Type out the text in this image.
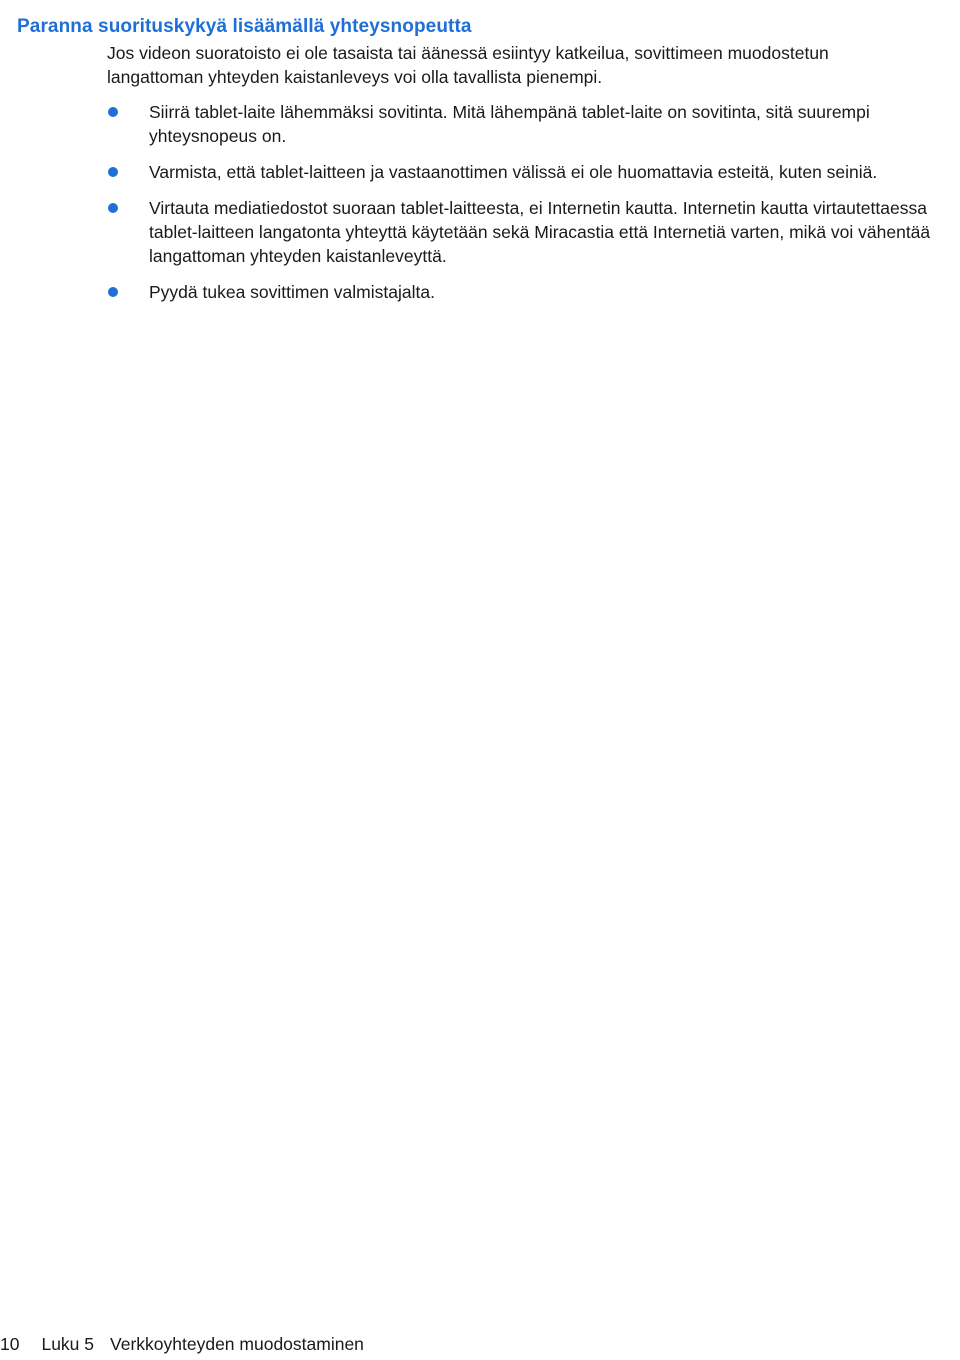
Paranna suorituskykyä lisäämällä yhteysnopeutta

Jos videon suoratoisto ei ole tasaista tai äänessä esiintyy katkeilua, sovittimeen muodostetun langattoman yhteyden kaistanleveys voi olla tavallista pienempi.

Siirrä tablet-laite lähemmäksi sovitinta. Mitä lähempänä tablet-laite on sovitinta, sitä suurempi yhteysnopeus on.
Varmista, että tablet-laitteen ja vastaanottimen välissä ei ole huomattavia esteitä, kuten seiniä.
Virtauta mediatiedostot suoraan tablet-laitteesta, ei Internetin kautta. Internetin kautta virtautettaessa tablet-laitteen langatonta yhteyttä käytetään sekä Miracastia että Internetiä varten, mikä voi vähentää langattoman yhteyden kaistanleveyttä.
Pyydä tukea sovittimen valmistajalta.
10 Luku 5 Verkkoyhteyden muodostaminen
